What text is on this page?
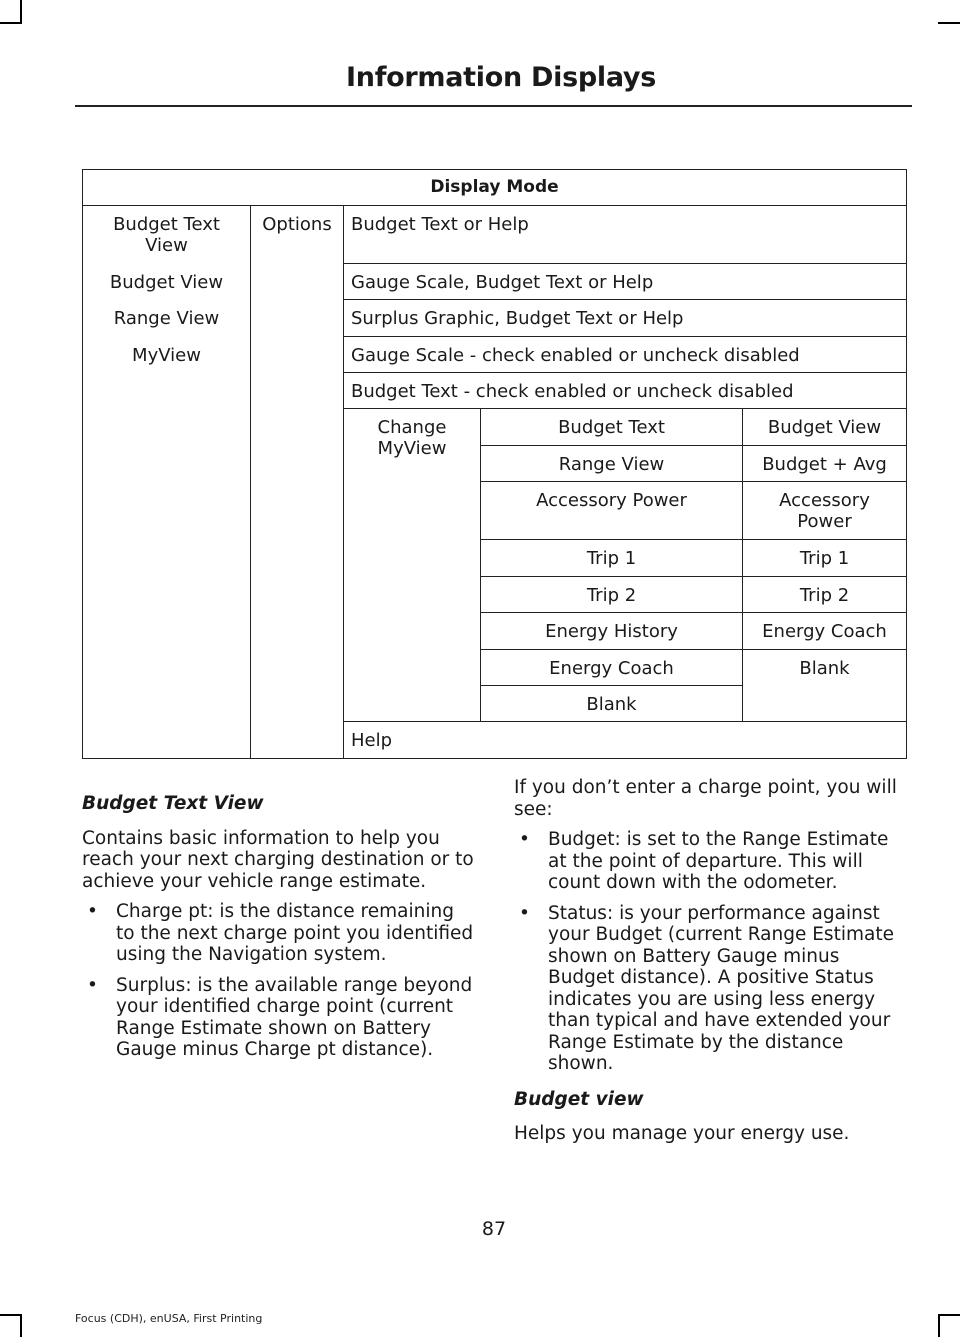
Information Displays
Display Mode				
Budget Text View	Options	Budget Text or Help		
Budget View		Gauge Scale, Budget Text or Help		
Range View		Surplus Graphic, Budget Text or Help		
MyView		Gauge Scale - check enabled or uncheck disabled		
		Budget Text - check enabled or uncheck disabled		
		Change MyView	Budget Text	Budget View
			Range View	Budget + Avg
			Accessory Power	Accessory Power
			Trip 1	Trip 1
			Trip 2	Trip 2
			Energy History	Energy Coach
			Energy Coach	Blank
			Blank	
		Help		

Budget Text View

Contains basic information to help you reach your next charging destination or to achieve your vehicle range estimate.

• Charge pt: is the distance remaining to the next charge point you identified using the Navigation system.
• Surplus: is the available range beyond your identified charge point (current Range Estimate shown on Battery Gauge minus Charge pt distance).

If you don’t enter a charge point, you will see:

• Budget: is set to the Range Estimate at the point of departure. This will count down with the odometer.
• Status: is your performance against your Budget (current Range Estimate shown on Battery Gauge minus Budget distance). A positive Status indicates you are using less energy than typical and have extended your Range Estimate by the distance shown.

Budget view

Helps you manage your energy use.

87
Focus (CDH), enUSA, First Printing
